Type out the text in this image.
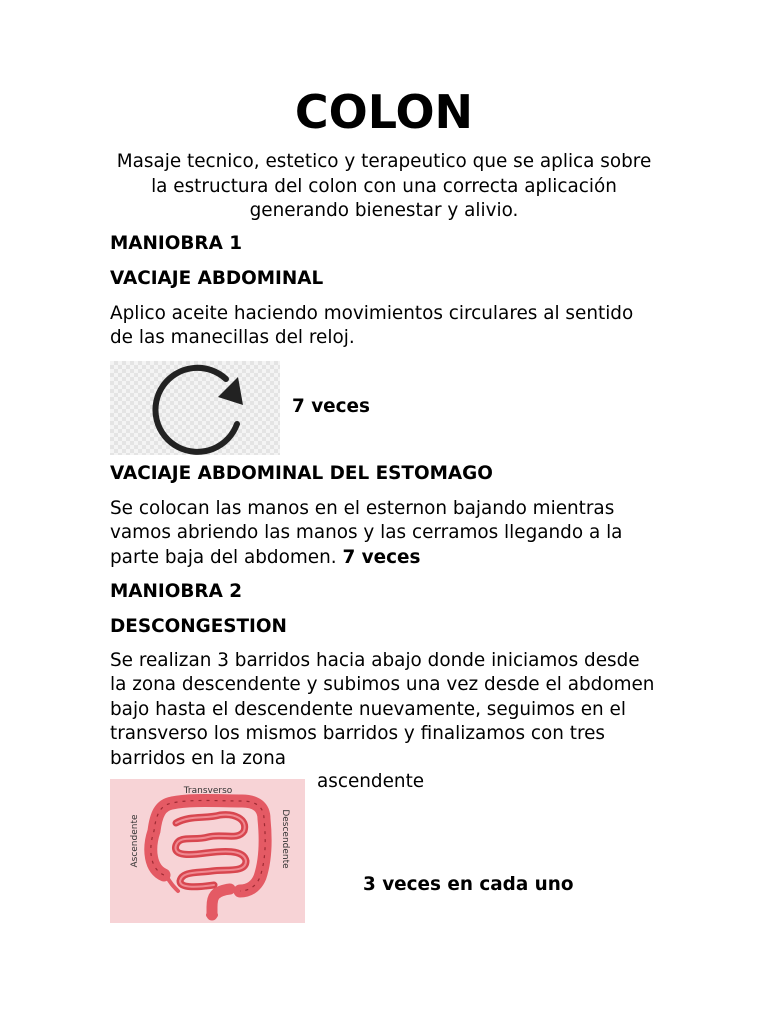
COLON

Masaje tecnico, estetico y terapeutico que se aplica sobre la estructura del colon con una correcta aplicación generando bienestar y alivio.

MANIOBRA 1

VACIAJE ABDOMINAL

Aplico aceite haciendo movimientos circulares al sentido de las manecillas del reloj.

7 veces

VACIAJE ABDOMINAL DEL ESTOMAGO

Se colocan las manos en el esternon bajando mientras vamos abriendo las manos y las cerramos llegando a la parte baja del abdomen. 7 veces

MANIOBRA 2

DESCONGESTION

Se realizan 3 barridos hacia abajo donde iniciamos desde la zona descendente y subimos una vez desde el abdomen bajo hasta el descendente nuevamente, seguimos en el transverso los mismos barridos y finalizamos con tres barridos en la zona

ascendente
Transverso
Ascendente	Descendente
3 veces en cada uno
